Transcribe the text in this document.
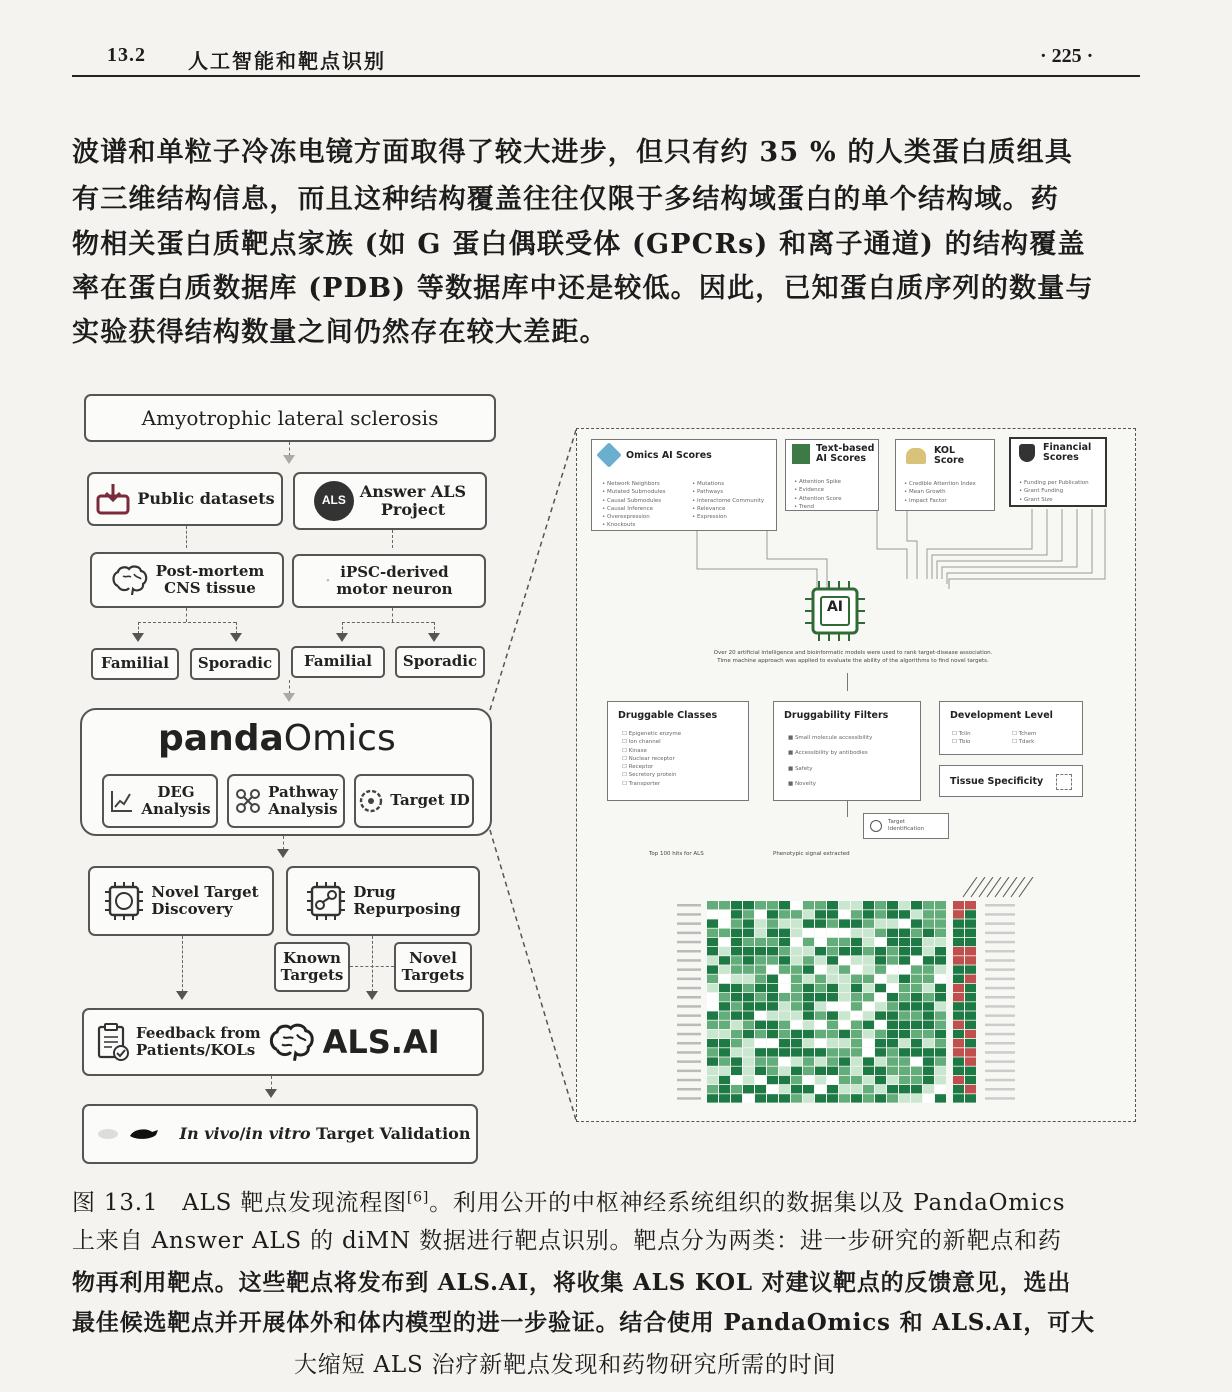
13.2 人工智能和靶点识别	· 225 ·
波谱和单粒子冷冻电镜方面取得了较大进步，但只有约 35 % 的人类蛋白质组具
有三维结构信息，而且这种结构覆盖往往仅限于多结构域蛋白的单个结构域。药
物相关蛋白质靶点家族 (如 G 蛋白偶联受体 (GPCRs) 和离子通道) 的结构覆盖
率在蛋白质数据库 (PDB) 等数据库中还是较低。因此，已知蛋白质序列的数量与
实验获得结构数量之间仍然存在较大差距。
Amyotrophic lateral sclerosis
Public datasets	ALS Answer ALS
Project
Post-mortem
CNS tissue	·
iPSC-derived
motor neuron
Familial Sporadic Familial Sporadic
pandaOmics
DEG
Analysis
Pathway
Analysis	Target ID
Novel Target
Discovery
Drug
Repurposing
Known
Targets
Novel
Targets
Feedback from
Patients/KOLs ALS.AI
In vivo/in vitro Target Validation
Omics AI Scores
• Network Neighbors
• Mutated Submodules
• Causal Submodules
• Causal Inference
• Overexpression
• Knockouts
• Mutations
• Pathways
• Interactome Community
• Relevance
• Expression
Text-based
AI Scores
• Attention Spike
• Evidence
• Attention Score
• Trend
KOL
Score
• Credible Attention Index
• Mean Growth
• Impact Factor
Financial
Scores
• Funding per Publication
• Grant Funding
• Grant Size
AI
Over 20 artificial intelligence and bioinformatic models were used to rank target-disease association.
Time machine approach was applied to evaluate the ability of the algorithms to find novel targets.
Druggable Classes
☐ Epigenetic enzyme
☐ Ion channel
☐ Kinase
☐ Nuclear receptor
☐ Receptor
☐ Secretory protein
☐ Transporter
Druggability Filters
■ Small molecule accessibility
■ Accessibility by antibodies
■ Safety
■ Novelty
Development Level
☐ Tclin	☐ Tchem
☐ Tbio	☐ Tdark
Tissue Specificity
Target
Identification
Top 100 hits for ALS	Phenotypic signal extracted
图 13.1　ALS 靶点发现流程图[6]。利用公开的中枢神经系统组织的数据集以及 PandaOmics
上来自 Answer ALS 的 diMN 数据进行靶点识别。靶点分为两类：进一步研究的新靶点和药
物再利用靶点。这些靶点将发布到 ALS.AI，将收集 ALS KOL 对建议靶点的反馈意见，选出
最佳候选靶点并开展体外和体内模型的进一步验证。结合使用 PandaOmics 和 ALS.AI，可大
大缩短 ALS 治疗新靶点发现和药物研究所需的时间
